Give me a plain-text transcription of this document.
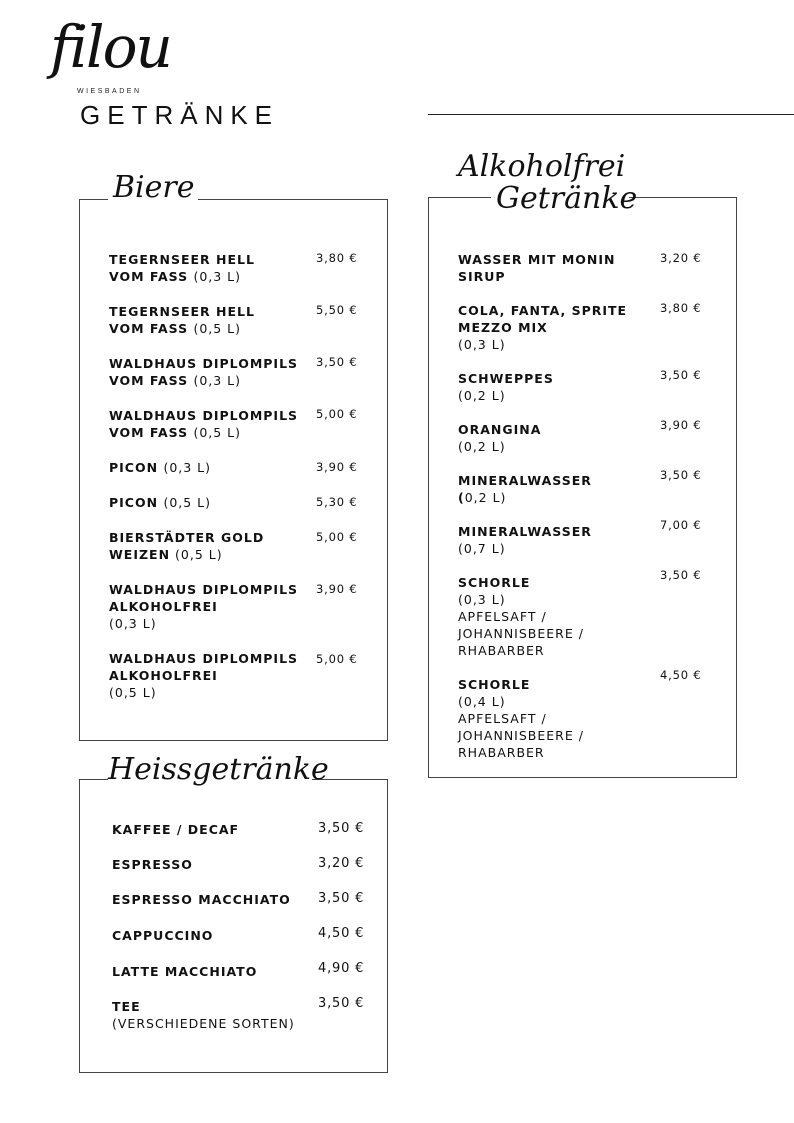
filou
WIESBADEN
GETRÄNKE
Biere
TEGERNSEER HELL
VOM FASS (0,3 L)
3,80 €
TEGERNSEER HELL
VOM FASS (0,5 L)
5,50 €
WALDHAUS DIPLOMPILS
VOM FASS (0,3 L)
3,50 €
WALDHAUS DIPLOMPILS
VOM FASS (0,5 L)
5,00 €
PICON (0,3 L)	3,90 €
PICON (0,5 L)	5,30 €
BIERSTÄDTER GOLD
WEIZEN (0,5 L)
5,00 €
WALDHAUS DIPLOMPILS
ALKOHOLFREI
(0,3 L)
3,90 €
WALDHAUS DIPLOMPILS
ALKOHOLFREI
(0,5 L)
5,00 €
Heissgetränke
KAFFEE / DECAF	3,50 €
ESPRESSO	3,20 €
ESPRESSO MACCHIATO 3,50 €
CAPPUCCINO	4,50 €
LATTE MACCHIATO	4,90 €
TEE
(VERSCHIEDENE SORTEN)
3,50 €
Alkoholfrei
Getränke
WASSER MIT MONIN
SIRUP
3,20 €
COLA, FANTA, SPRITE
MEZZO MIX
(0,3 L)
3,80 €
SCHWEPPES
(0,2 L)
3,50 €
ORANGINA
(0,2 L)
3,90 €
MINERALWASSER
(0,2 L)
3,50 €
MINERALWASSER
(0,7 L)
7,00 €
SCHORLE
(0,3 L)
APFELSAFT /
JOHANNISBEERE /
RHABARBER
3,50 €
SCHORLE
(0,4 L)
APFELSAFT /
JOHANNISBEERE /
RHABARBER
4,50 €
